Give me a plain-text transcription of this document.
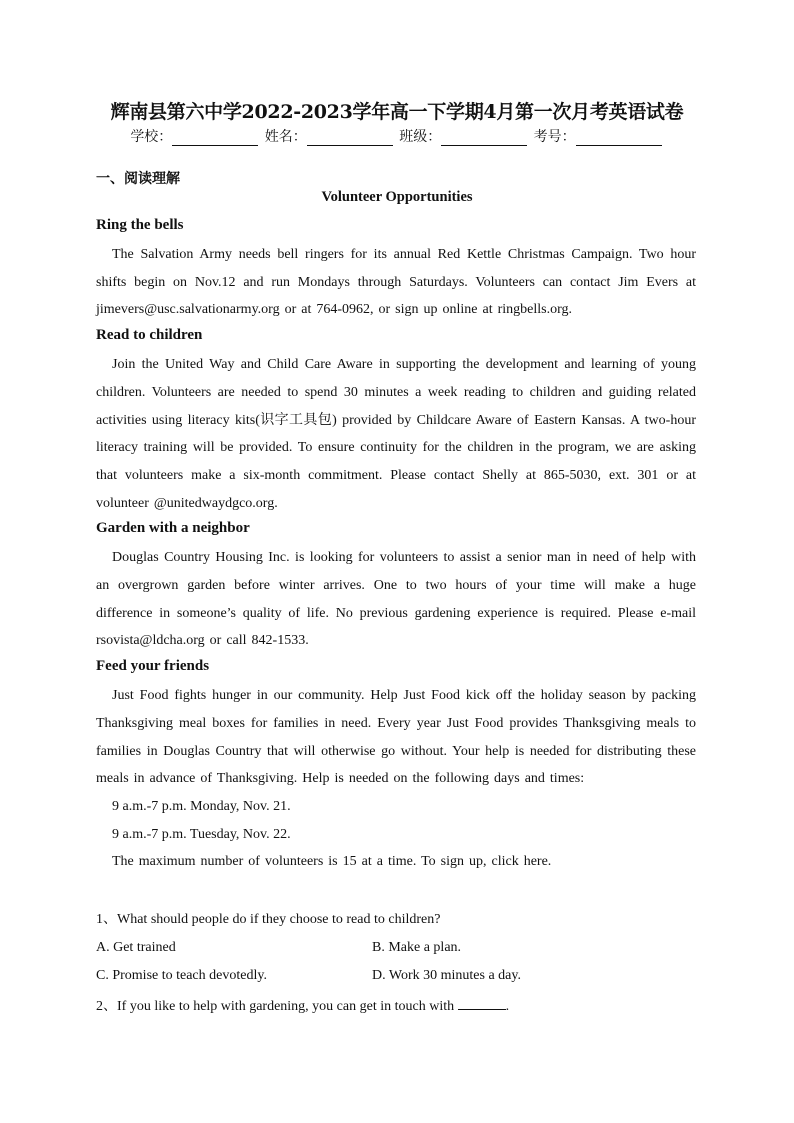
辉南县第六中学2022-2023学年高一下学期4月第一次月考英语试卷
学校：	姓名：	班级：	考号：
一、阅读理解
Volunteer Opportunities
Ring the bells

The Salvation Army needs bell ringers for its annual Red Kettle Christmas Campaign. Two hour shifts begin on Nov.12 and run Mondays through Saturdays. Volunteers can contact Jim Evers at jimevers@usc.salvationarmy.org or at 764-0962, or sign up online at ringbells.org.

Read to children

Join the United Way and Child Care Aware in supporting the development and learning of young children. Volunteers are needed to spend 30 minutes a week reading to children and guiding related activities using literacy kits(识字工具包) provided by Childcare Aware of Eastern Kansas. A two-hour literacy training will be provided. To ensure continuity for the children in the program, we are asking that volunteers make a six-month commitment. Please contact Shelly at 865-5030, ext. 301 or at volunteer @unitedwaydgco.org.

Garden with a neighbor

Douglas Country Housing Inc. is looking for volunteers to assist a senior man in need of help with an overgrown garden before winter arrives. One to two hours of your time will make a huge difference in someone’s quality of life. No previous gardening experience is required. Please e-mail rsovista@ldcha.org or call 842-1533.

Feed your friends

Just Food fights hunger in our community. Help Just Food kick off the holiday season by packing Thanksgiving meal boxes for families in need. Every year Just Food provides Thanksgiving meals to families in Douglas Country that will otherwise go without. Your help is needed for distributing these meals in advance of Thanksgiving. Help is needed on the following days and times:

9 a.m.-7 p.m. Monday, Nov. 21.
9 a.m.-7 p.m. Tuesday, Nov. 22.

The maximum number of volunteers is 15 at a time. To sign up, click here.

1、What should people do if they choose to read to children?
A. Get trained	B. Make a plan.
C. Promise to teach devotedly.	D. Work 30 minutes a day.
2、If you like to help with gardening, you can get in touch with	.
